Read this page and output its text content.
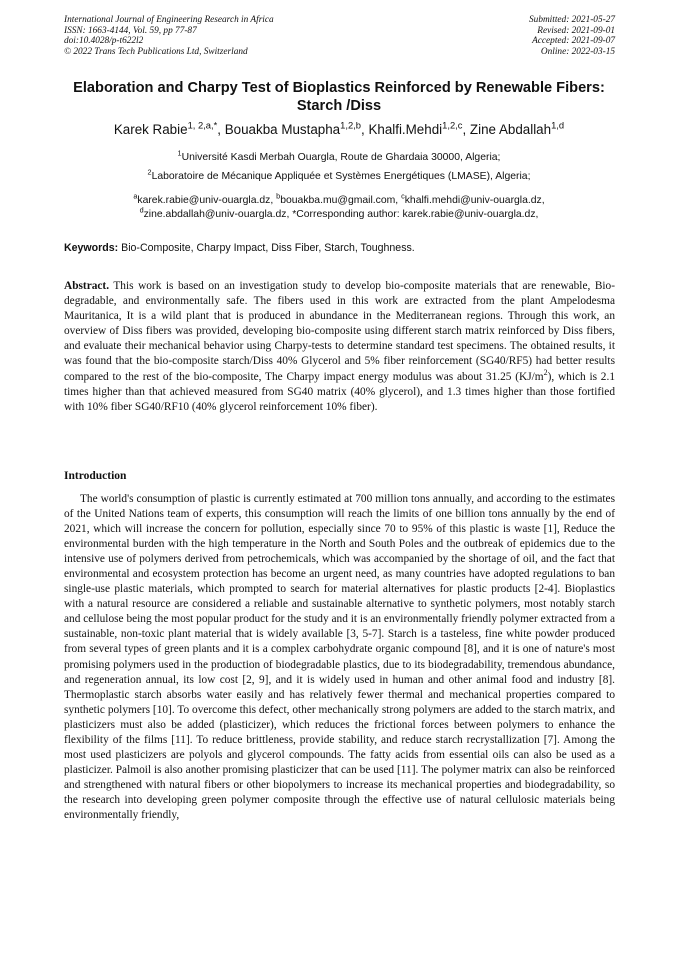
International Journal of Engineering Research in Africa
ISSN: 1663-4144, Vol. 59, pp 77-87
doi:10.4028/p-t622l2
© 2022 Trans Tech Publications Ltd, Switzerland
Submitted: 2021-05-27
Revised: 2021-09-01
Accepted: 2021-09-07
Online: 2022-03-15
Elaboration and Charpy Test of Bioplastics Reinforced by Renewable Fibers: Starch /Diss
Karek Rabie$^{1, 2,a,*}$, Bouakba Mustapha$^{1,2,b}$, Khalfi.Mehdi$^{1,2,c}$, Zine Abdallah$^{1,d}$
$^1$Université Kasdi Merbah Ouargla, Route de Ghardaia 30000, Algeria;
$^2$Laboratoire de Mécanique Appliquée et Systèmes Energétiques (LMASE), Algeria;
$^a$karek.rabie@univ-ouargla.dz, $^b$bouakba.mu@gmail.com, $^c$khalfi.mehdi@univ-ouargla.dz,
$^d$zine.abdallah@univ-ouargla.dz, *Corresponding author: karek.rabie@univ-ouargla.dz,
Keywords: Bio-Composite, Charpy Impact, Diss Fiber, Starch, Toughness.
Abstract. This work is based on an investigation study to develop bio-composite materials that are renewable, Bio-degradable, and environmentally safe. The fibers used in this work are extracted from the plant Ampelodesma Mauritanica, It is a wild plant that is produced in abundance in the Mediterranean regions. Through this work, an overview of Diss fibers was provided, developing bio-composite using different starch matrix reinforced by Diss fibers, and evaluate their mechanical behavior using Charpy-tests to determine standard test specimens. The obtained results, it was found that the bio-composite starch/Diss 40% Glycerol and 5% fiber reinforcement (SG40/RF5) had better results compared to the rest of the bio-composite, The Charpy impact energy modulus was about 31.25 $(KJ/m^2)$, which is 2.1 times higher than that achieved measured from SG40 matrix (40% glycerol), and 1.3 times higher than those fortified with 10% fiber SG40/RF10 (40% glycerol reinforcement 10% fiber).
Introduction

The world's consumption of plastic is currently estimated at 700 million tons annually, and according to the estimates of the United Nations team of experts, this consumption will reach the limits of one billion tons annually by the end of 2021, which will increase the concern for pollution, especially since 70 to 95% of this plastic is waste [1], Reduce the environmental burden with the high temperature in the North and South Poles and the outbreak of epidemics due to the intensive use of polymers derived from petrochemicals, which was accompanied by the shortage of oil, and the fact that environmental and ecosystem protection has become an urgent need, as many countries have adopted regulations to ban single-use plastic materials, which prompted to search for material alternatives for plastic products [2-4]. Bioplastics with a natural resource are considered a reliable and sustainable alternative to synthetic polymers, most notably starch and cellulose being the most popular product for the study and it is an environmentally friendly polymer extracted from a sustainable, non-toxic plant material that is widely available [3, 5-7]. Starch is a tasteless, fine white powder produced from several types of green plants and it is a complex carbohydrate organic compound [8], and it is one of nature's most promising polymers used in the production of biodegradable plastics, due to its biodegradability, tremendous abundance, and regeneration annual, its low cost [2, 9], and it is widely used in human and other animal food and industry [8]. Thermoplastic starch absorbs water easily and has relatively fewer thermal and mechanical properties compared to synthetic polymers [10]. To overcome this defect, other mechanically strong polymers are added to the starch matrix, and plasticizers must also be added (plasticizer), which reduces the frictional forces between polymers to enhance the flexibility of the films [11]. To reduce brittleness, provide stability, and reduce starch recrystallization [7]. Among the most used plasticizers are polyols and glycerol compounds. The fatty acids from essential oils can also be used as a plasticizer. Palmoil is also another promising plasticizer that can be used [11]. The polymer matrix can also be reinforced and strengthened with natural fibers or other biopolymers to increase its mechanical properties and biodegradability, so the research into developing green polymer composite through the effective use of natural cellulosic materials being environmentally friendly,
